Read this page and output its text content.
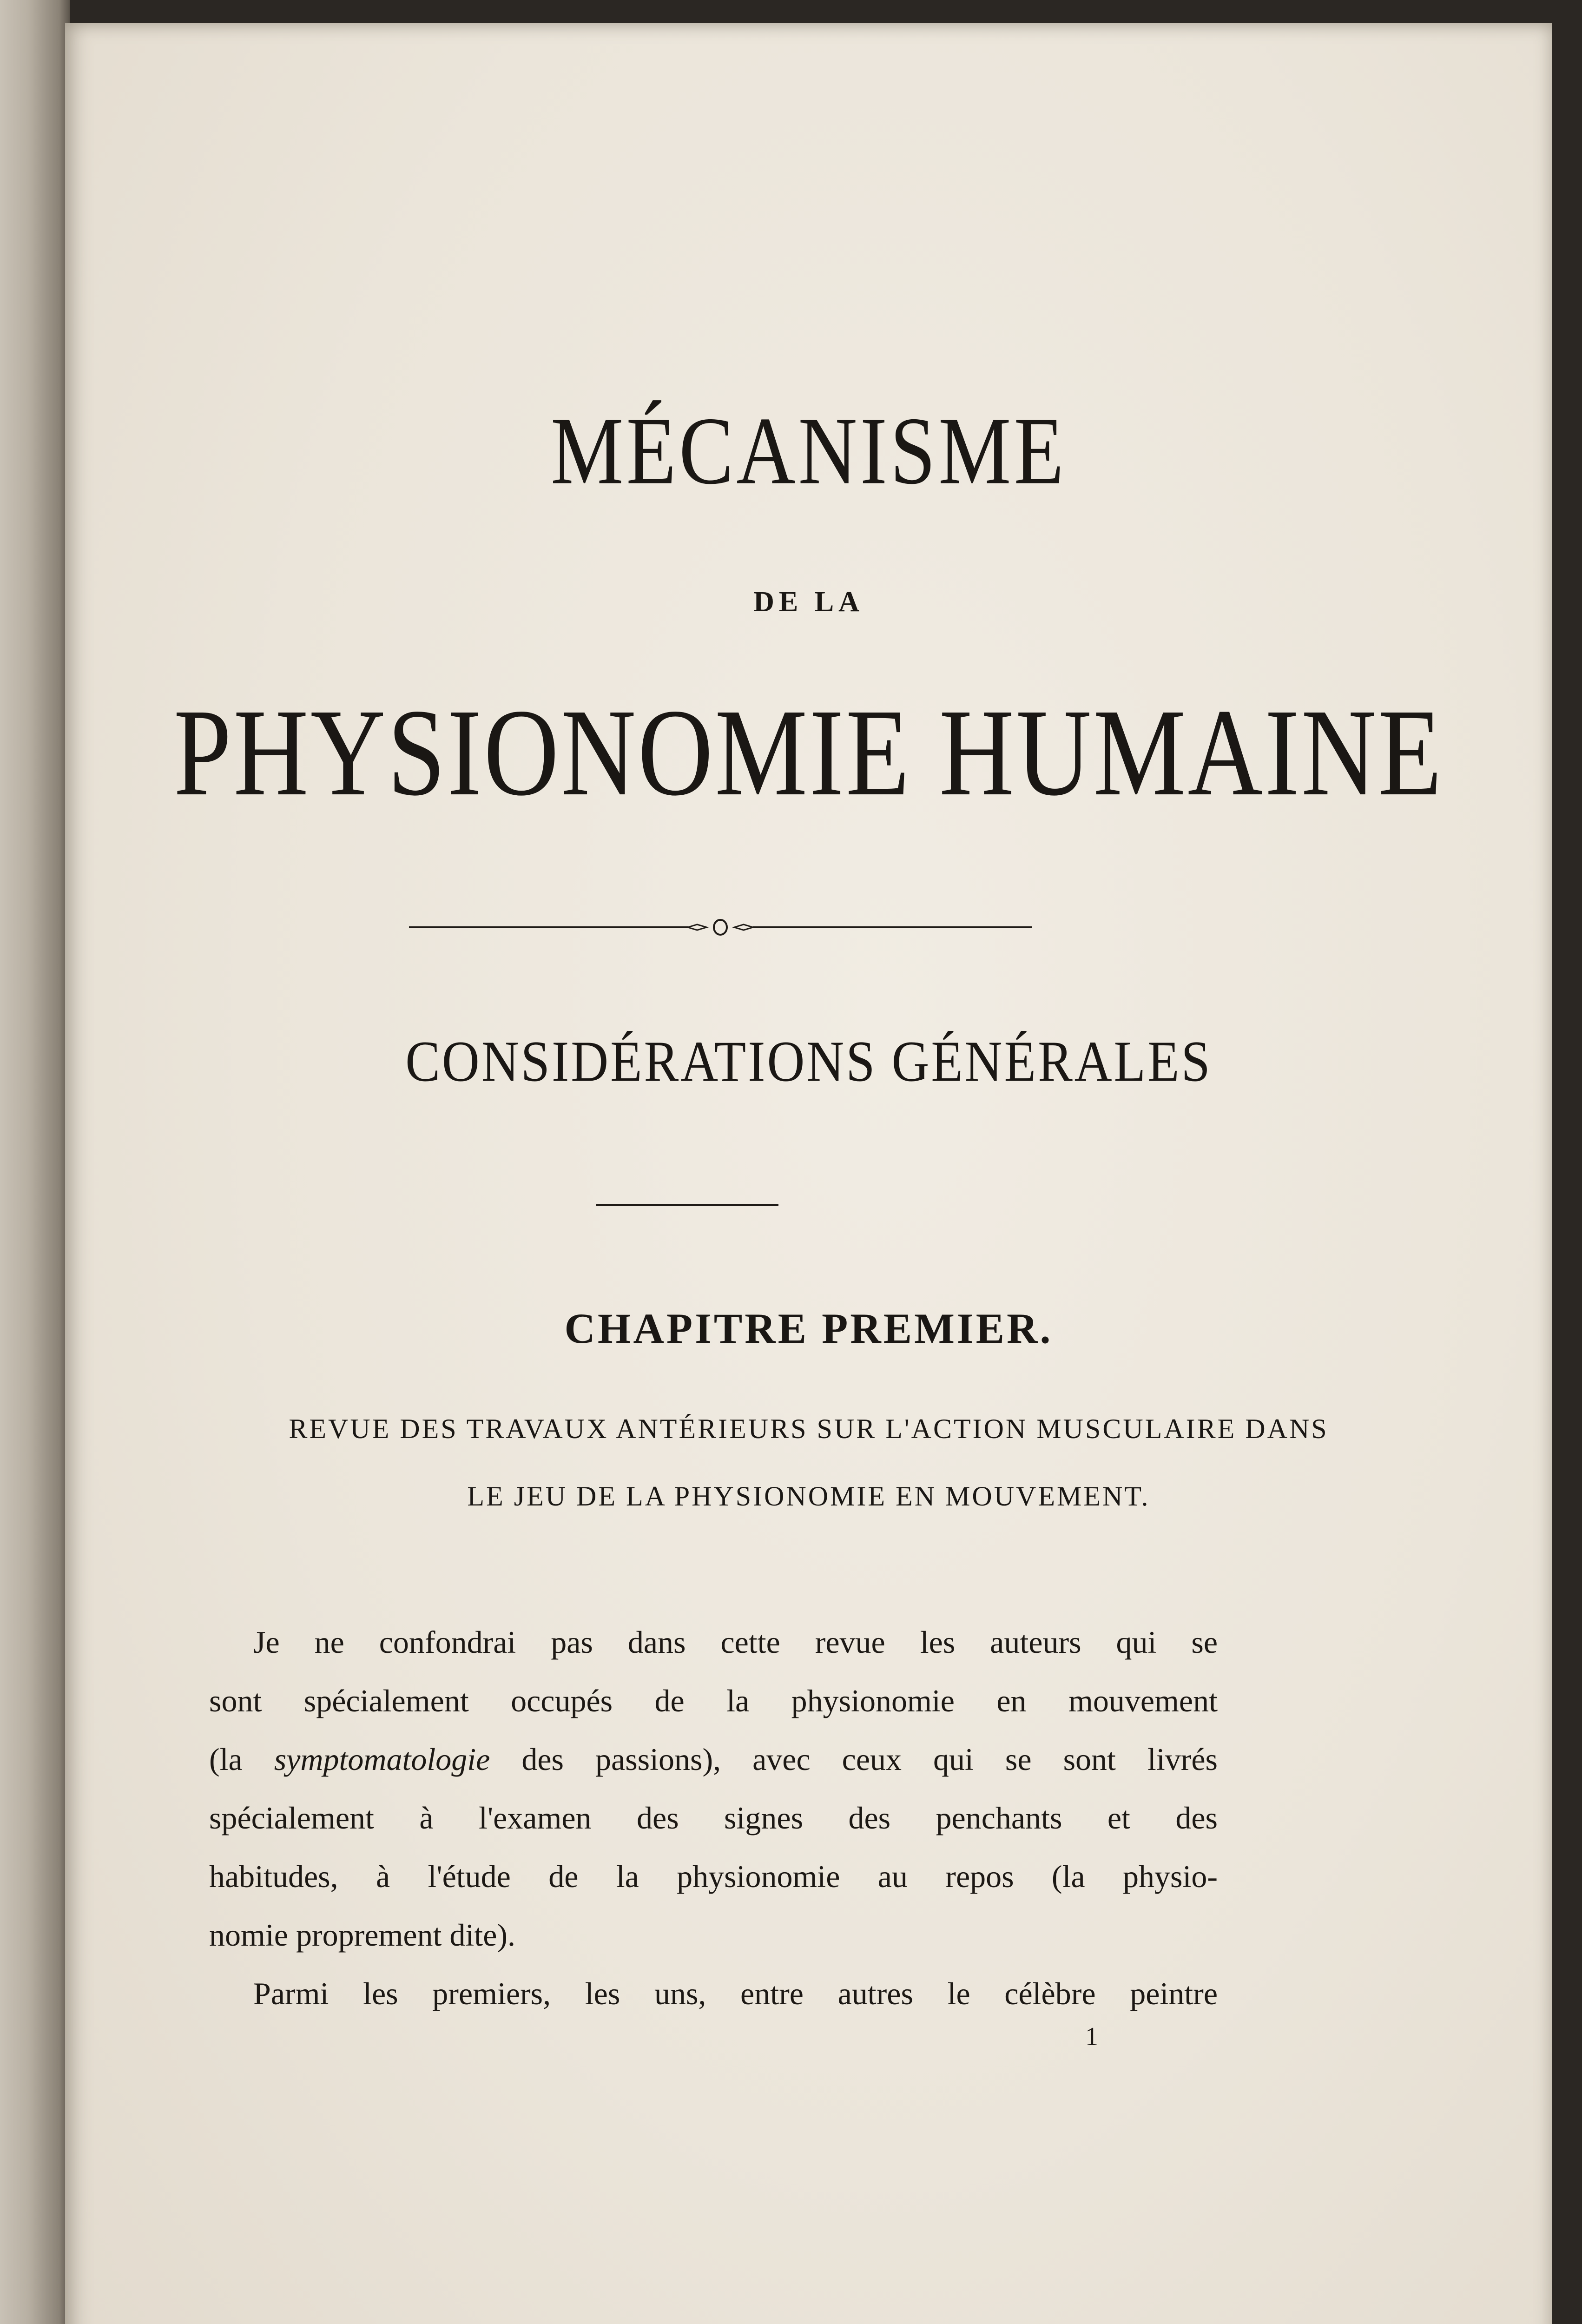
MÉCANISME
DE LA
PHYSIONOMIE HUMAINE
CONSIDÉRATIONS GÉNÉRALES
CHAPITRE PREMIER.
REVUE DES TRAVAUX ANTÉRIEURS SUR L'ACTION MUSCULAIRE DANS
LE JEU DE LA PHYSIONOMIE EN MOUVEMENT.
Je ne confondrai pas dans cette revue les auteurs qui se
sont spécialement occupés de la physionomie en mouvement
(la symptomatologie des passions), avec ceux qui se sont livrés
spécialement à l'examen des signes des penchants et des
habitudes, à l'étude de la physionomie au repos (la physio-
nomie proprement dite).
Parmi les premiers, les uns, entre autres le célèbre peintre
1
